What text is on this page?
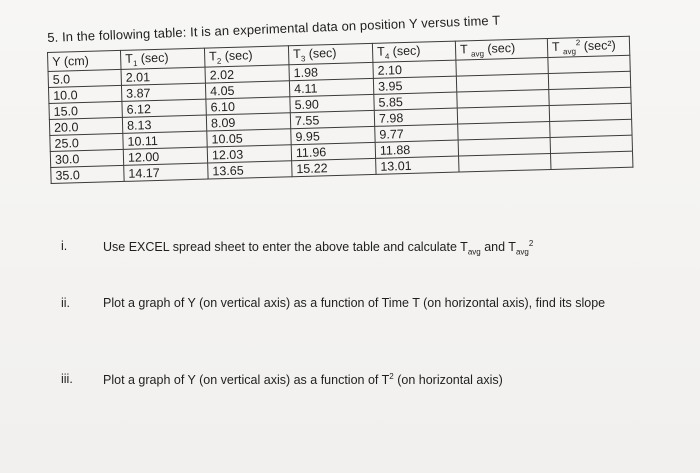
5. In the following table: It is an experimental data on position Y versus time T
Y (cm)	$T_1$ (sec)	$T_2$ (sec)	$T_3$ (sec)	$T_4$ (sec)	T $_{avg}$ (sec)	T $_{avg}^2$ (sec²)
5.0	2.01	2.02	1.98	2.10		
10.0	3.87	4.05	4.11	3.95		
15.0	6.12	6.10	5.90	5.85		
20.0	8.13	8.09	7.55	7.98		
25.0	10.11	10.05	9.95	9.77		
30.0	12.00	12.03	11.96	11.88		
35.0	14.17	13.65	15.22	13.01		
i.	Use EXCEL spread sheet to enter the above table and calculate $T_{avg}$ and $T_{avg}^2$
ii.	Plot a graph of Y (on vertical axis) as a function of Time T (on horizontal axis), find its slope
iii. Plot a graph of Y (on vertical axis) as a function of $T^2$ (on horizontal axis)
